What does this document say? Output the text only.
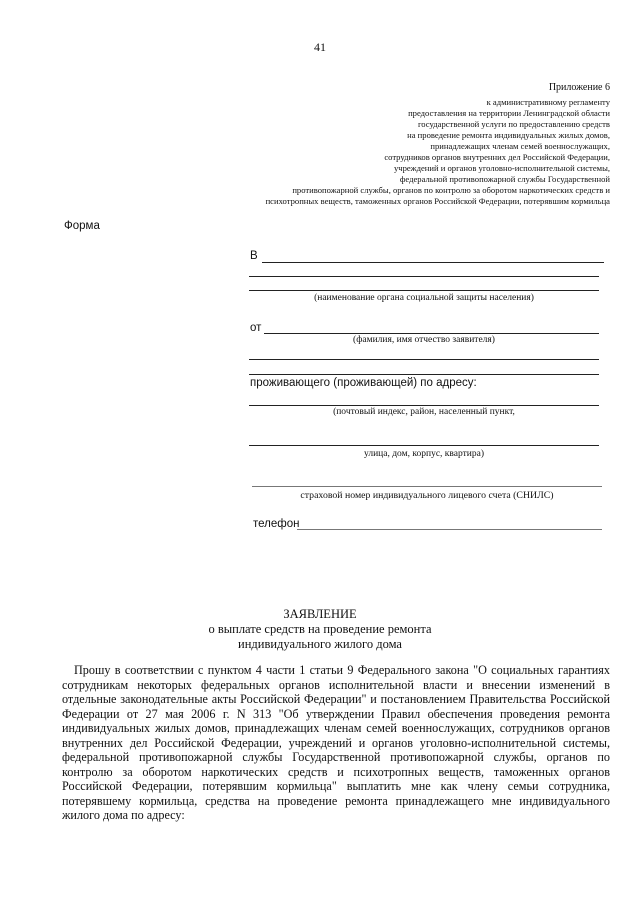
41
Приложение 6
к административному регламенту
предоставления на территории Ленинградской области
государственной услуги по предоставлению средств
на проведение ремонта индивидуальных жилых домов,
принадлежащих членам семей военнослужащих,
сотрудников органов внутренних дел Российской Федерации,
учреждений и органов уголовно-исполнительной системы,
федеральной противопожарной службы Государственной
противопожарной службы, органов по контролю за оборотом наркотических средств и
психотропных веществ, таможенных органов Российской Федерации, потерявшим кормильца
Форма
В
(наименование органа социальной защиты населения)
от
(фамилия, имя отчество заявителя)
проживающего (проживающей) по адресу:
(почтовый индекс, район, населенный пункт,
улица, дом, корпус, квартира)
страховой номер индивидуального лицевого счета (СНИЛС)
телефон
ЗАЯВЛЕНИЕ
о выплате средств на проведение ремонта
индивидуального жилого дома
Прошу в соответствии с пунктом 4 части 1 статьи 9 Федерального закона "О социальных гарантиях сотрудникам некоторых федеральных органов исполнительной власти и внесении изменений в отдельные законодательные акты Российской Федерации" и постановлением Правительства Российской Федерации от 27 мая 2006 г. N 313 "Об утверждении Правил обеспечения проведения ремонта индивидуальных жилых домов, принадлежащих членам семей военнослужащих, сотрудников органов внутренних дел Российской Федерации, учреждений и органов уголовно-исполнительной системы, федеральной противопожарной службы Государственной противопожарной службы, органов по контролю за оборотом наркотических средств и психотропных веществ, таможенных органов Российской Федерации, потерявшим кормильца" выплатить мне как члену семьи сотрудника, потерявшему кормильца, средства на проведение ремонта принадлежащего мне индивидуального жилого дома по адресу:
